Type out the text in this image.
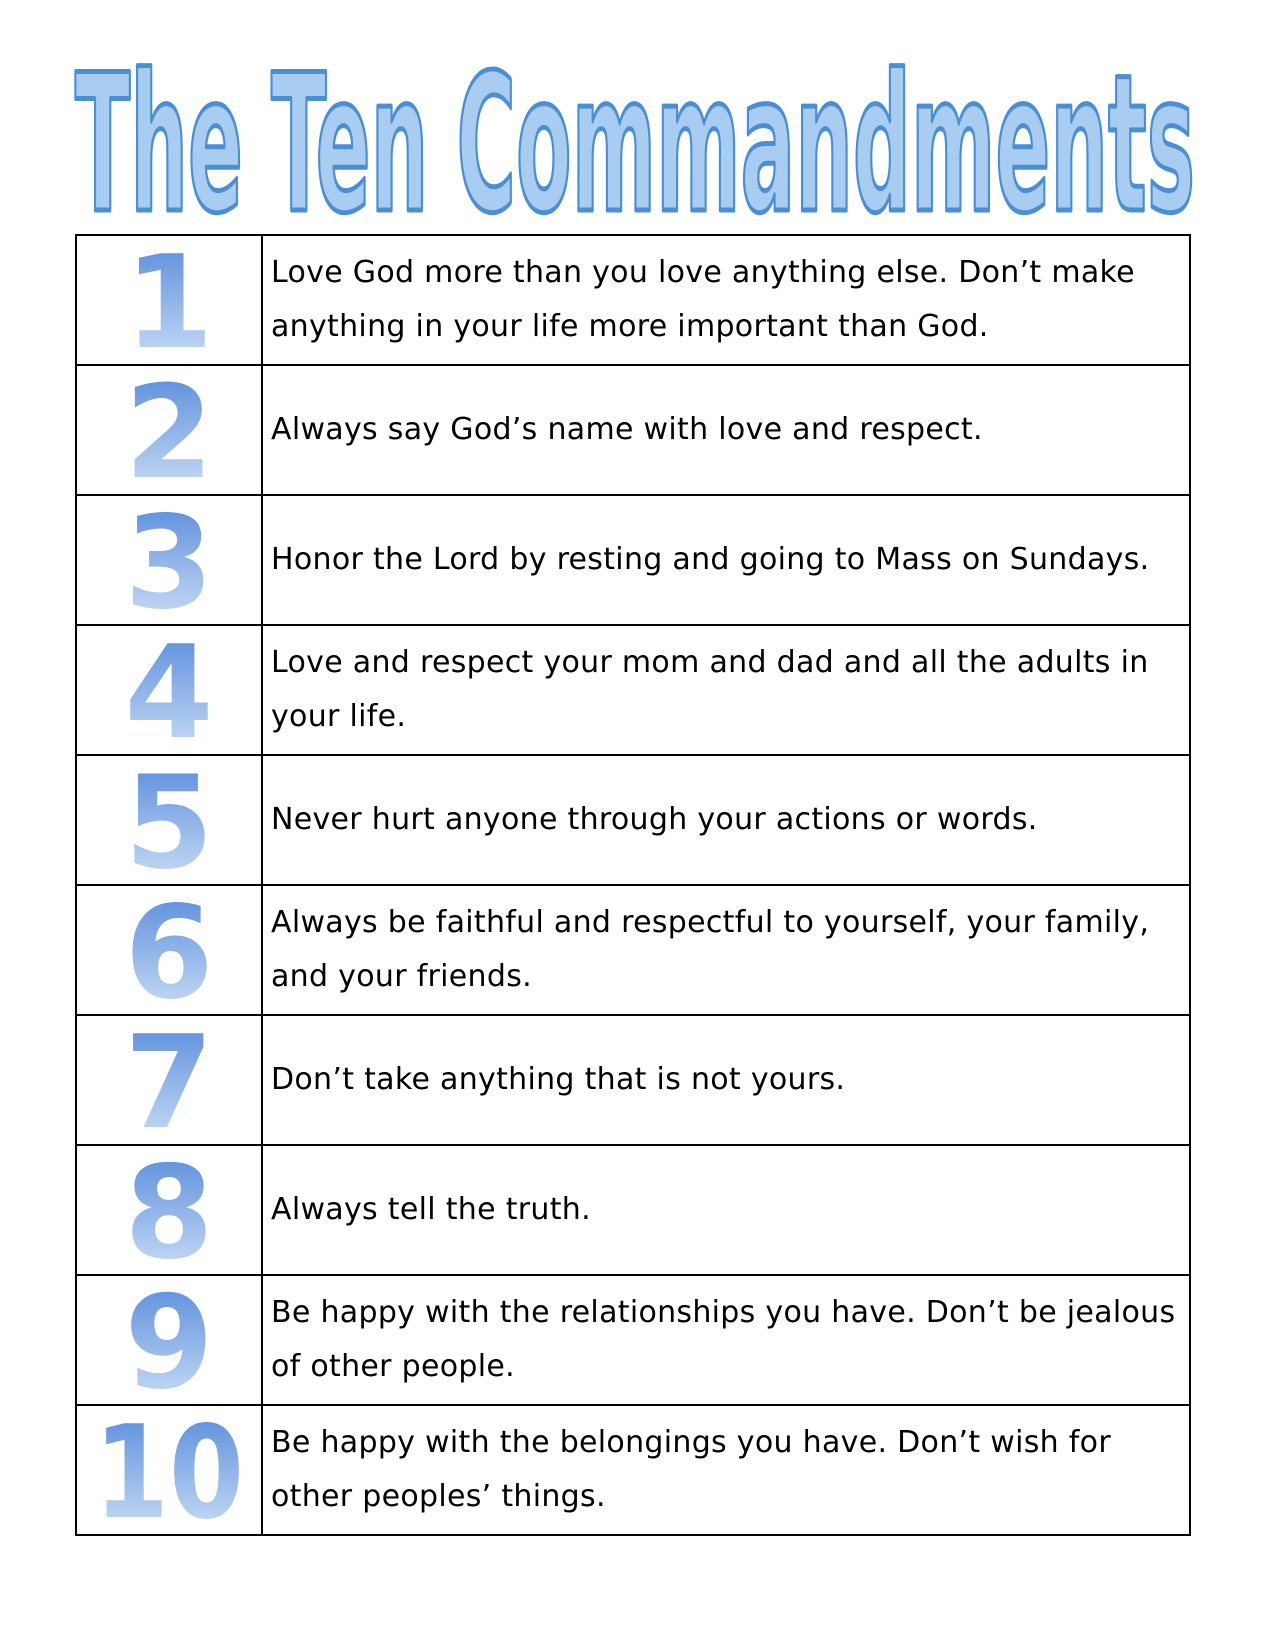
The Ten Commandments
1	Love God more than you love anything else. Don’t make anything in your life more important than God.

2	Always say God’s name with love and respect.

3	Honor the Lord by resting and going to Mass on Sundays.

4	Love and respect your mom and dad and all the adults in your life.

5	Never hurt anyone through your actions or words.

6	Always be faithful and respectful to yourself, your family, and your friends.

7	Don’t take anything that is not yours.

8	Always tell the truth.

9	Be happy with the relationships you have. Don’t be jealous of other people.

10	Be happy with the belongings you have. Don’t wish for other peoples’ things.
